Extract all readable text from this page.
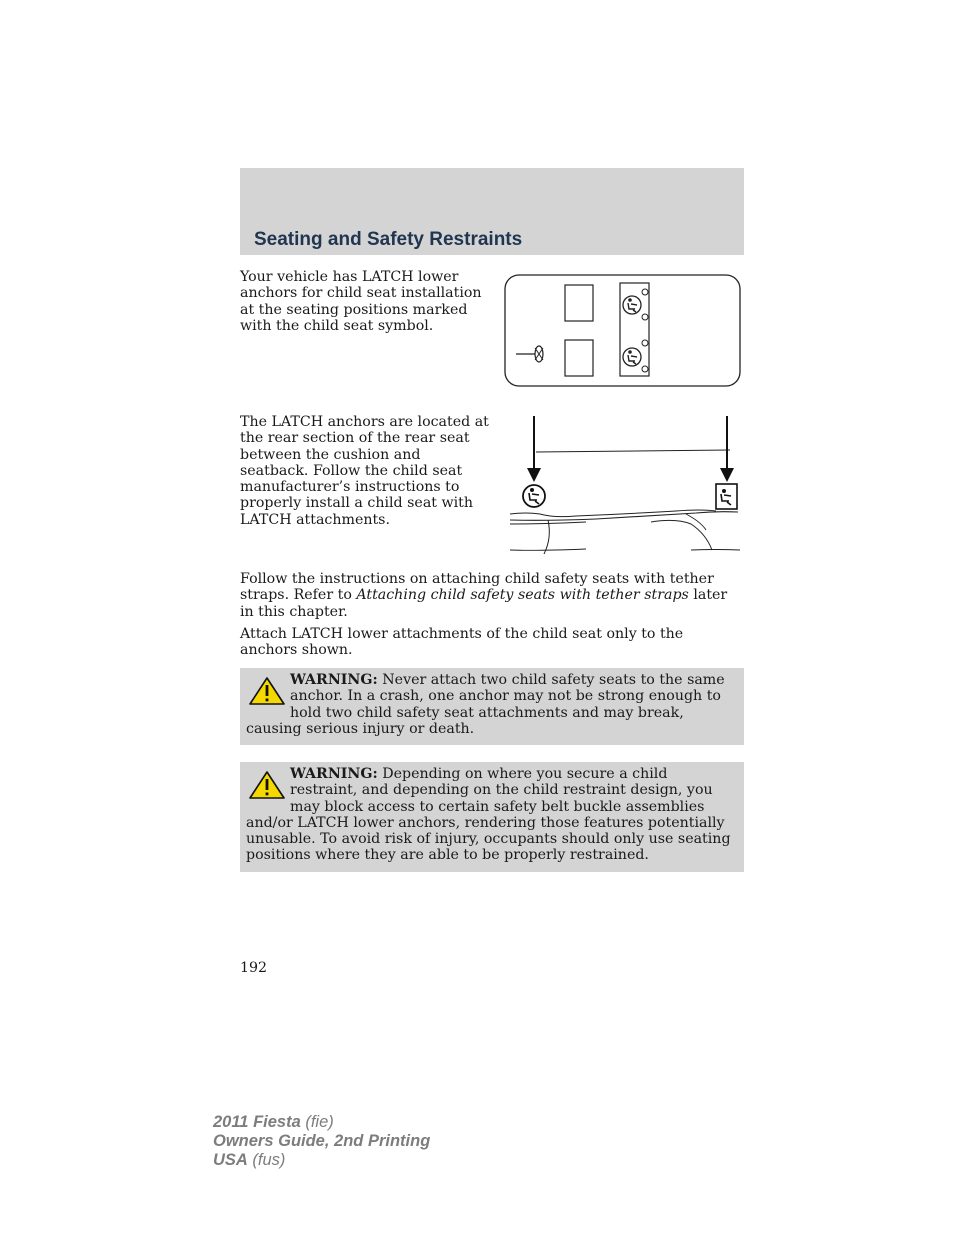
Seating and Safety Restraints

Your vehicle has LATCH lower anchors for child seat installation at the seating positions marked with the child seat symbol.

The LATCH anchors are located at the rear section of the rear seat between the cushion and seatback. Follow the child seat manufacturer’s instructions to properly install a child seat with LATCH attachments.

Follow the instructions on attaching child safety seats with tether straps. Refer to Attaching child safety seats with tether straps later in this chapter.

Attach LATCH lower attachments of the child seat only to the anchors shown.

WARNING: Never attach two child safety seats to the same anchor. In a crash, one anchor may not be strong enough to hold two child safety seat attachments and may break, causing serious injury or death.

WARNING: Depending on where you secure a child restraint, and depending on the child restraint design, you may block access to certain safety belt buckle assemblies and/or LATCH lower anchors, rendering those features potentially unusable. To avoid risk of injury, occupants should only use seating positions where they are able to be properly restrained.

192

2011 Fiesta (fie)
Owners Guide, 2nd Printing
USA (fus)
